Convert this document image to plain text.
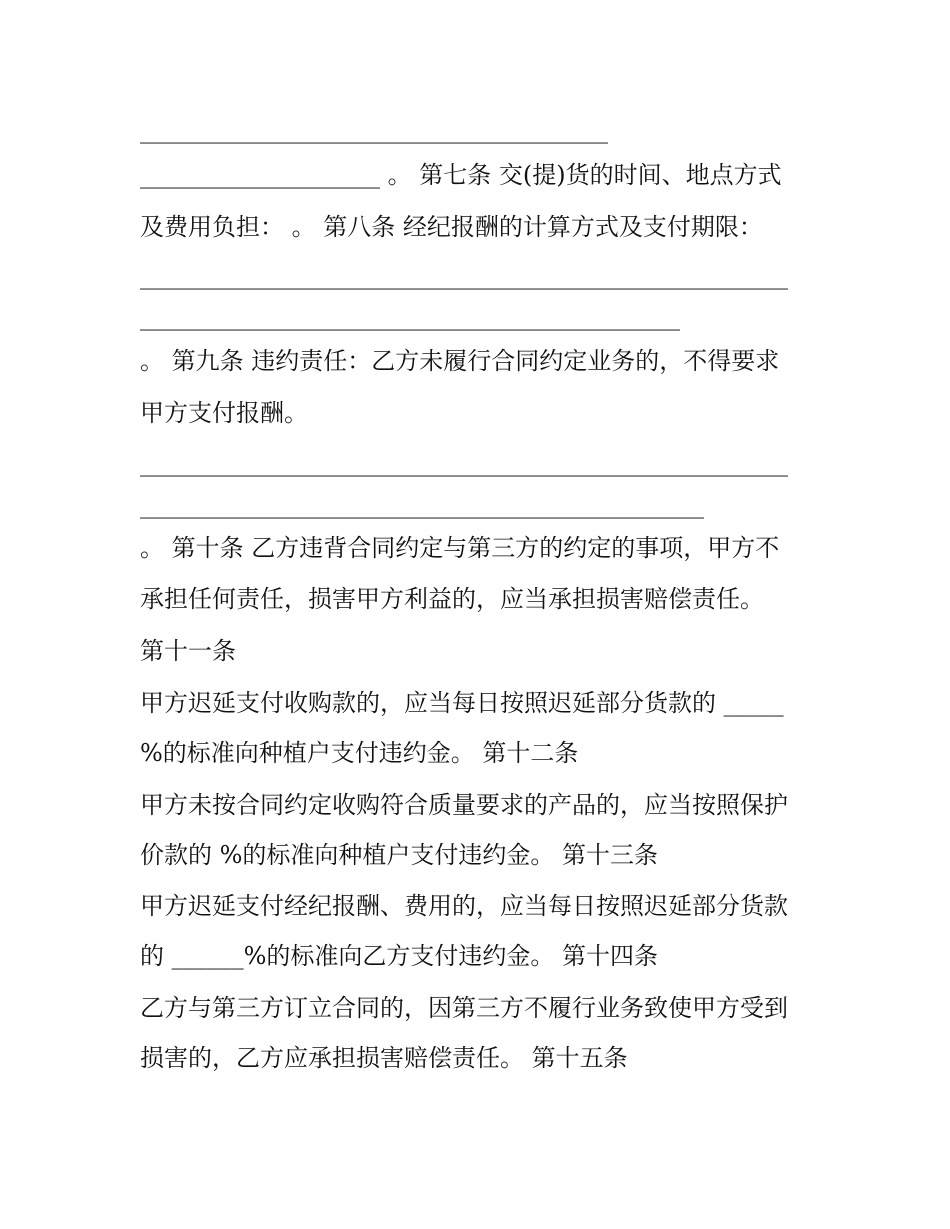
_______________________________________

____________________ 。 第七条 交(提)货的时间、地点方式

及费用负担： 。 第八条 经纪报酬的计算方式及支付期限：

______________________________________________________

_____________________________________________

。 第九条 违约责任：乙方未履行合同约定业务的，不得要求

甲方支付报酬。

______________________________________________________

_______________________________________________

。 第十条 乙方违背合同约定与第三方的约定的事项，甲方不

承担任何责任，损害甲方利益的，应当承担损害赔偿责任。

第十一条

甲方迟延支付收购款的，应当每日按照迟延部分货款的 _____

%的标准向种植户支付违约金。 第十二条

甲方未按合同约定收购符合质量要求的产品的，应当按照保护

价款的 %的标准向种植户支付违约金。 第十三条

甲方迟延支付经纪报酬、费用的，应当每日按照迟延部分货款

的 ______%的标准向乙方支付违约金。 第十四条

乙方与第三方订立合同的，因第三方不履行业务致使甲方受到

损害的，乙方应承担损害赔偿责任。 第十五条
